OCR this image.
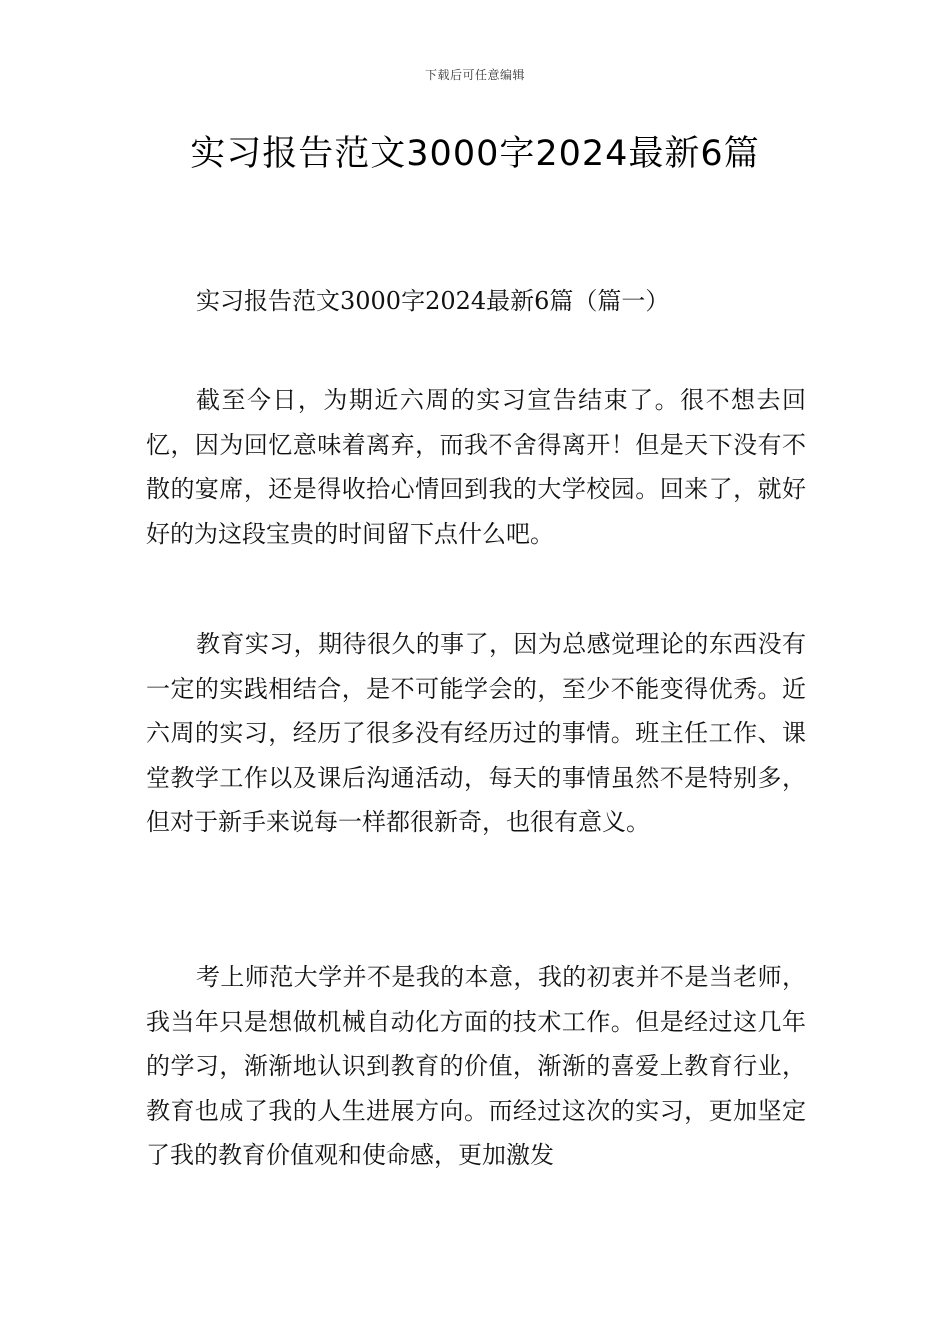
下载后可任意编辑
实习报告范文3000字2024最新6篇
实习报告范文3000字2024最新6篇（篇一）

截至今日，为期近六周的实习宣告结束了。很不想去回忆，因为回忆意味着离弃，而我不舍得离开！但是天下没有不散的宴席，还是得收拾心情回到我的大学校园。回来了，就好好的为这段宝贵的时间留下点什么吧。

教育实习，期待很久的事了，因为总感觉理论的东西没有一定的实践相结合，是不可能学会的，至少不能变得优秀。近六周的实习，经历了很多没有经历过的事情。班主任工作、课堂教学工作以及课后沟通活动，每天的事情虽然不是特别多，但对于新手来说每一样都很新奇，也很有意义。

考上师范大学并不是我的本意，我的初衷并不是当老师，我当年只是想做机械自动化方面的技术工作。但是经过这几年的学习，渐渐地认识到教育的价值，渐渐的喜爱上教育行业，教育也成了我的人生进展方向。而经过这次的实习，更加坚定了我的教育价值观和使命感，更加激发
